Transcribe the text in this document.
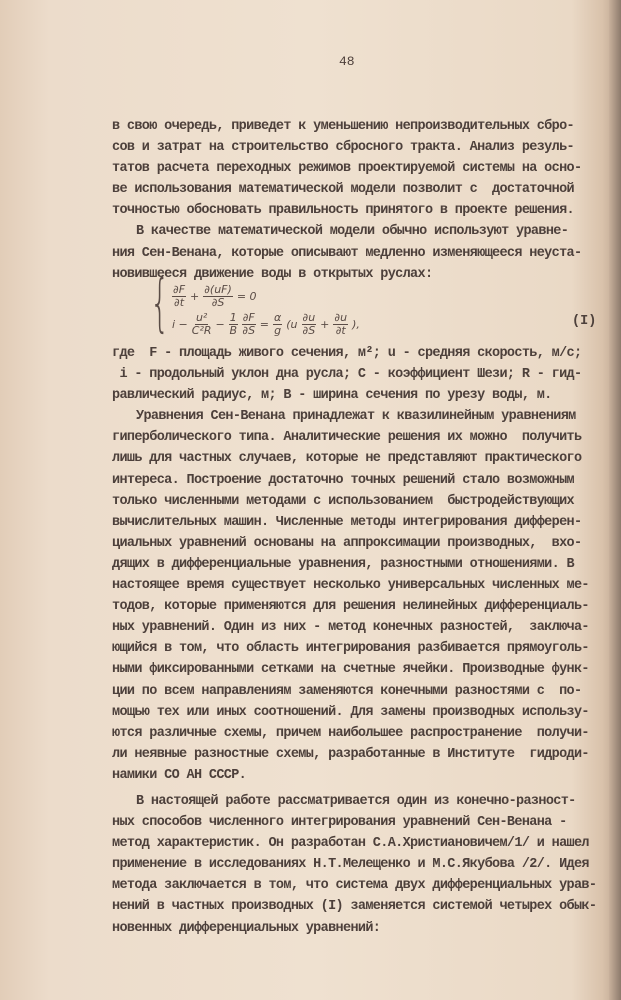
48
в свою очередь, приведет к уменьшению непроизводительных сбро-
сов и затрат на строительство сбросного тракта. Анализ резуль-
татов расчета переходных режимов проектируемой системы на осно-
ве использования математической модели позволит с  достаточной
точностью обосновать правильность принятого в проекте решения.
В качестве математической модели обычно используют уравне-
ния Сен-Венана, которые описывают медленно изменяющееся неуста-
новившееся движение воды в открытых руслах:
{ $\frac{\partial F}{\partial t} + \frac{\partial(uF)}{\partial S} = 0$
$i - \frac{\text{u²}}{\text{C²R}} - \frac{1}{B} \frac{\partial F}{\partial S} = \frac{\alpha}{g} (u \frac{\partial u}{\partial S} + \frac{\partial u}{\partial t}$ ),	(I)
где  F - площадь живого сечения, м²; u - средняя скорость, м/с;
i - продольный уклон дна русла; C - коэффициент Шези; R - гид-
равлический радиус, м; B - ширина сечения по урезу воды, м.
Уравнения Сен-Венана принадлежат к квазилинейным уравнениям
гиперболического типа. Аналитические решения их можно  получить
лишь для частных случаев, которые не представляют практического
интереса. Построение достаточно точных решений стало возможным
только численными методами с использованием  быстродействующих
вычислительных машин. Численные методы интегрирования дифферен-
циальных уравнений основаны на аппроксимации производных,  вхо-
дящих в дифференциальные уравнения, разностными отношениями. В
настоящее время существует несколько универсальных численных ме-
тодов, которые применяются для решения нелинейных дифференциаль-
ных уравнений. Один из них - метод конечных разностей,  заключа-
ющийся в том, что область интегрирования разбивается прямоуголь-
ными фиксированными сетками на счетные ячейки. Производные функ-
ции по всем направлениям заменяются конечными разностями с  по-
мощью тех или иных соотношений. Для замены производных использу-
ются различные схемы, причем наибольшее распространение  получи-
ли неявные разностные схемы, разработанные в Институте  гидроди-
намики СО АН СССР.
В настоящей работе рассматривается один из конечно-разност-
ных способов численного интегрирования уравнений Сен-Венана -
метод характеристик. Он разработан С.А.Христиановичем/1/ и нашел
применение в исследованиях Н.Т.Мелещенко и М.С.Якубова /2/. Идея
метода заключается в том, что система двух дифференциальных урав-
нений в частных производных (I) заменяется системой четырех обык-
новенных дифференциальных уравнений:
